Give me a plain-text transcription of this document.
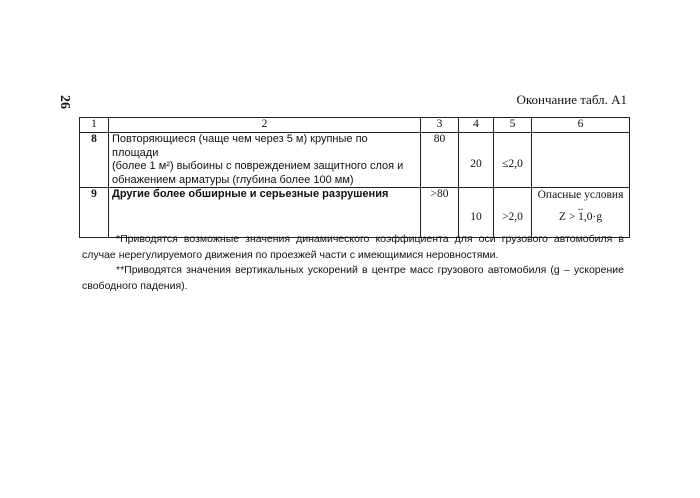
26	Окончание табл. А1
1	2	3	4	5	6
8	Повторяющиеся (чаще чем через 5 м) крупные по площади
(более 1 м²) выбоины с повреждением защитного слоя и
обнажением арматуры (глубина более 100 мм)	80	20	≤2,0	
9	Другие более обширные и серьезные разрушения	>80	10	>2,0	Опасные условия
..
Z > 1,0·g

*Приводятся возможные значения динамического коэффициента для оси грузового автомобиля в случае нерегулируемого движения по проезжей части с имеющимися неровностями.

**Приводятся значения вертикальных ускорений в центре масс грузового автомобиля (g – ускорение свободного падения).
